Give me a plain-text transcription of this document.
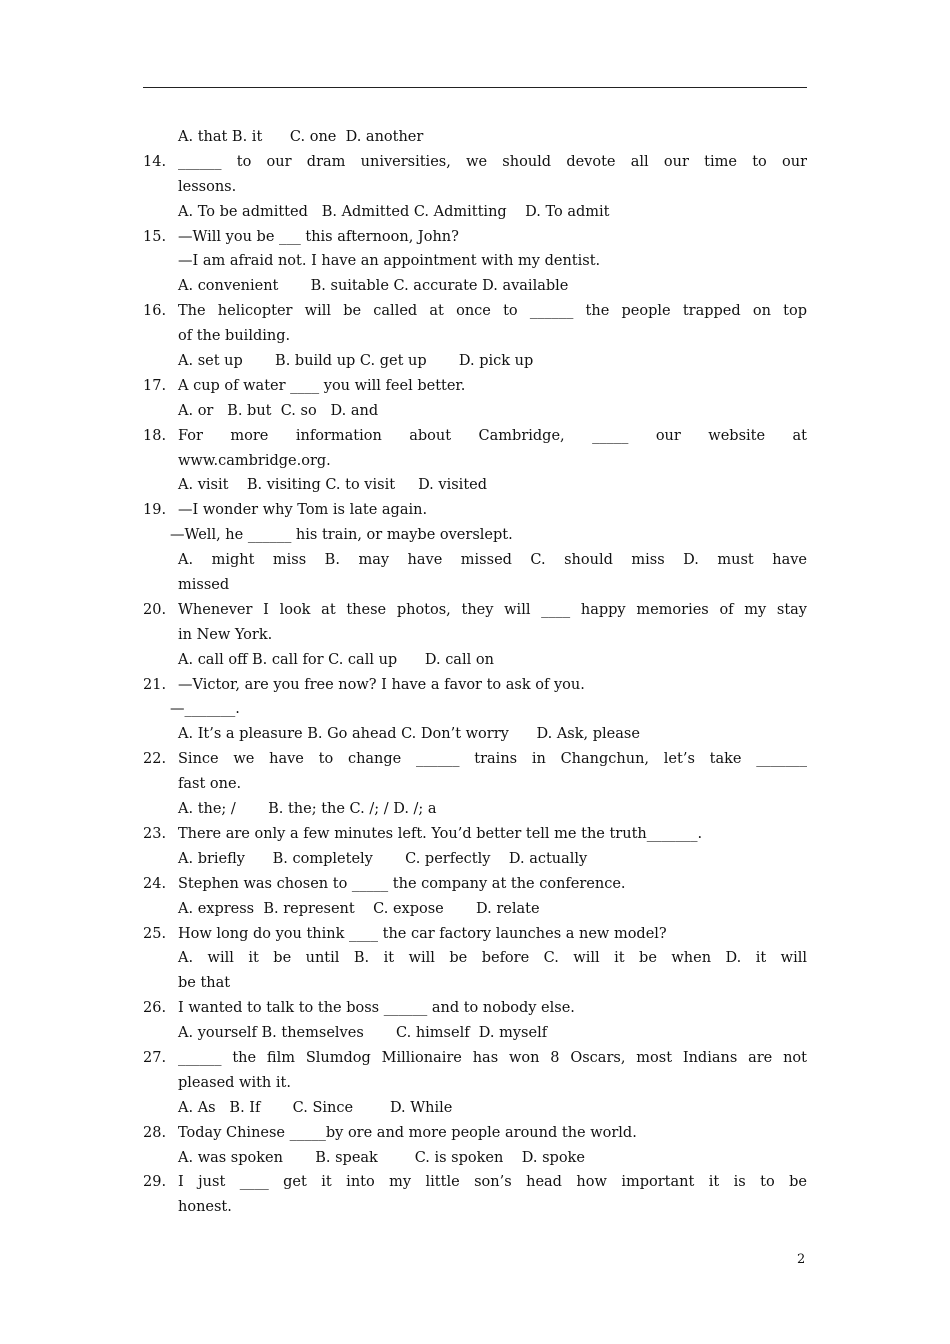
A. that B. it      C. one  D. another
14. ______ to our dram universities, we should devote all our time to our
lessons.
A. To be admitted   B. Admitted C. Admitting    D. To admit
15. —Will you be ___ this afternoon, John?
—I am afraid not. I have an appointment with my dentist.
A. convenient       B. suitable C. accurate D. available
16. The helicopter will be called at once to ______ the people trapped on top
of the building.
A. set up       B. build up C. get up       D. pick up
17. A cup of water ____ you will feel better.
A. or   B. but  C. so   D. and
18. For more information about Cambridge, _____ our website at
www.cambridge.org.
A. visit    B. visiting C. to visit     D. visited
19. —I wonder why Tom is late again.
—Well, he ______ his train, or maybe overslept.
A. might miss B. may have missed C. should miss D. must have
missed
20. Whenever I look at these photos, they will ____ happy memories of my stay
in New York.
A. call off B. call for C. call up      D. call on
21. —Victor, are you free now? I have a favor to ask of you.
—_______.
A. It’s a pleasure B. Go ahead C. Don’t worry      D. Ask, please
22. Since we have to change ______ trains in Changchun, let’s take _______
fast one.
A. the; /       B. the; the C. /; / D. /; a
23. There are only a few minutes left. You’d better tell me the truth_______.
A. briefly      B. completely       C. perfectly    D. actually
24. Stephen was chosen to _____ the company at the conference.
A. express  B. represent    C. expose       D. relate
25. How long do you think ____ the car factory launches a new model?
A. will it be until B. it will be before C. will it be when D. it will
be that
26. I wanted to talk to the boss ______ and to nobody else.
A. yourself B. themselves       C. himself  D. myself
27. ______ the film Slumdog Millionaire has won 8 Oscars, most Indians are not
pleased with it.
A. As   B. If       C. Since        D. While
28. Today Chinese _____by ore and more people around the world.
A. was spoken       B. speak        C. is spoken    D. spoke
29. I just ____ get it into my little son’s head how important it is to be
honest.
2
